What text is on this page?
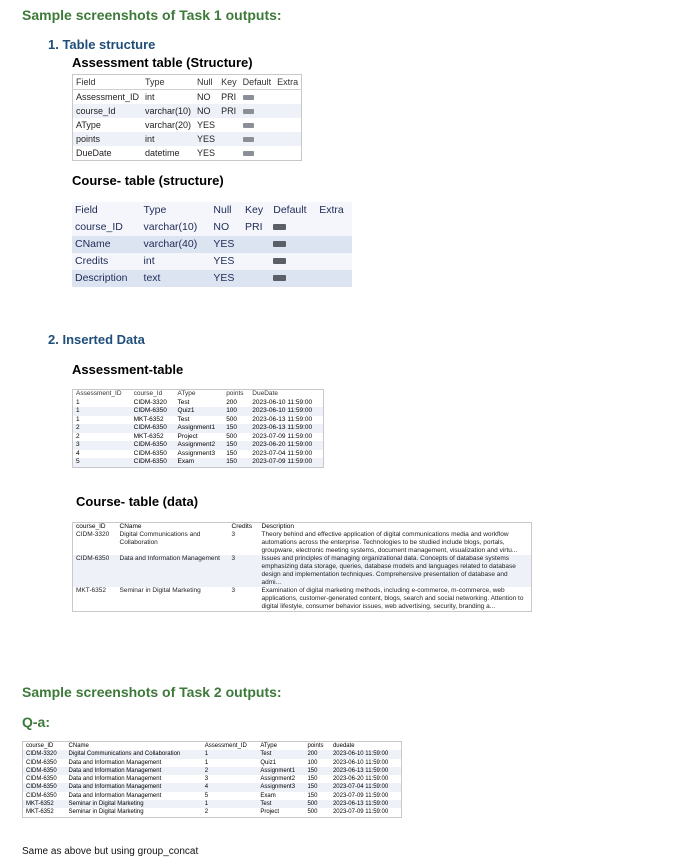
Sample screenshots of Task 1 outputs:
1. Table structure
Assessment table (Structure)
Field	Type	Null	Key	Default	Extra
Assessment_ID	int	NO	PRI		
course_Id	varchar(10)	NO	PRI		
AType	varchar(20)	YES			
points	int	YES			
DueDate	datetime	YES			
Course- table (structure)
Field	Type	Null	Key	Default	Extra
course_ID	varchar(10)	NO	PRI		
CName	varchar(40)	YES			
Credits	int	YES			
Description	text	YES			
2. Inserted Data
Assessment-table
Assessment_ID	course_Id	AType	points	DueDate
1	CIDM-3320	Test	200	2023-06-10 11:59:00
1	CIDM-6350	Quiz1	100	2023-06-10 11:59:00
1	MKT-6352	Test	500	2023-06-13 11:59:00
2	CIDM-6350	Assignment1	150	2023-06-13 11:59:00
2	MKT-6352	Project	500	2023-07-09 11:59:00
3	CIDM-6350	Assignment2	150	2023-06-20 11:59:00
4	CIDM-6350	Assignment3	150	2023-07-04 11:59:00
5	CIDM-6350	Exam	150	2023-07-09 11:59:00
Course- table (data)
course_ID	CName	Credits	Description
CIDM-3320	Digital Communications and Collaboration	3	Theory behind and effective application of digital communications media and workflow automations across the enterprise. Technologies to be studied include blogs, portals, groupware, electronic meeting systems, document management, visualization and virtu...
CIDM-6350	Data and Information Management	3	Issues and principles of managing organizational data. Concepts of database systems emphasizing data storage, queries, database models and languages related to database design and implementation techniques. Comprehensive presentation of database and admi...
MKT-6352	Seminar in Digital Marketing	3	Examination of digital marketing methods, including e-commerce, m-commerce, web applications, customer-generated content, blogs, search and social networking. Attention to digital lifestyle, consumer behavior issues, web advertising, security, branding a...
Sample screenshots of Task 2 outputs:
Q-a:
course_ID	CName	Assessment_ID	AType	points	duedate
CIDM-3320	Digital Communications and Collaboration	1	Test	200	2023-06-10 11:59:00
CIDM-6350	Data and Information Management	1	Quiz1	100	2023-06-10 11:59:00
CIDM-6350	Data and Information Management	2	Assignment1	150	2023-06-13 11:59:00
CIDM-6350	Data and Information Management	3	Assignment2	150	2023-06-20 11:59:00
CIDM-6350	Data and Information Management	4	Assignment3	150	2023-07-04 11:59:00
CIDM-6350	Data and Information Management	5	Exam	150	2023-07-09 11:59:00
MKT-6352	Seminar in Digital Marketing	1	Test	500	2023-06-13 11:59:00
MKT-6352	Seminar in Digital Marketing	2	Project	500	2023-07-09 11:59:00
Same as above but using group_concat
